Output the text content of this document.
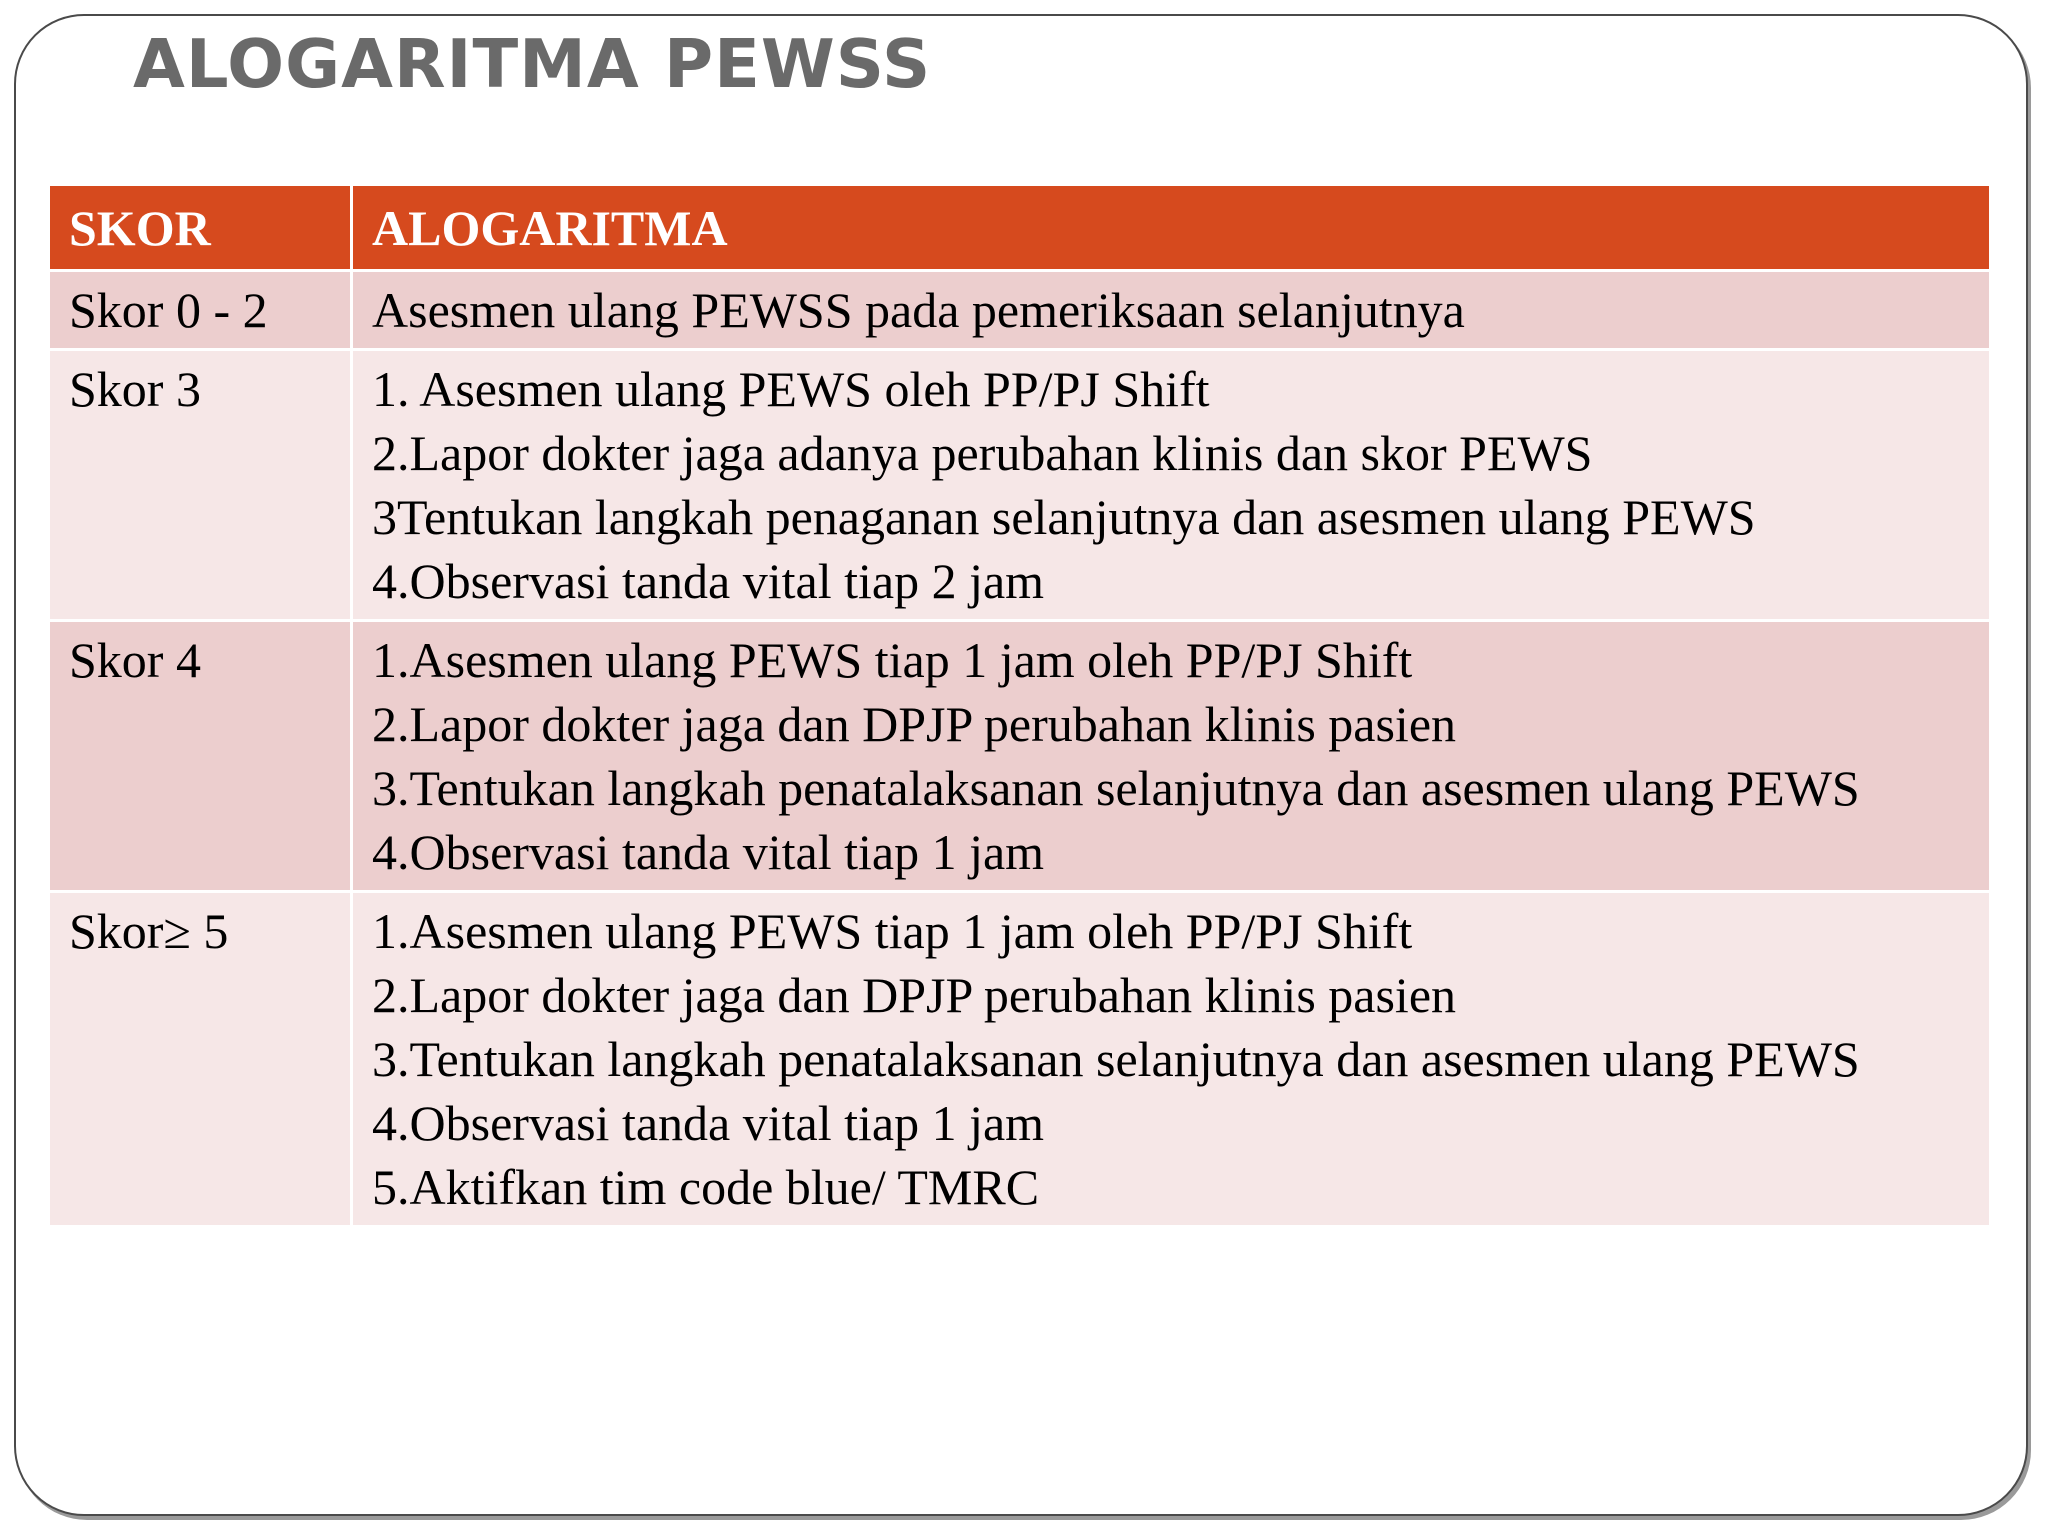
ALOGARITMA PEWSS
SKOR	ALOGARITMA
Skor 0 - 2	Asesmen ulang PEWSS pada pemeriksaan selanjutnya

Skor 3	1. Asesmen ulang PEWS oleh PP/PJ Shift
2.Lapor dokter jaga adanya perubahan klinis dan skor PEWS
3Tentukan langkah penaganan selanjutnya dan asesmen ulang PEWS
4.Observasi tanda vital tiap 2 jam

Skor 4	1.Asesmen ulang PEWS tiap 1 jam oleh PP/PJ Shift
2.Lapor dokter jaga dan DPJP perubahan klinis pasien
3.Tentukan langkah penatalaksanan selanjutnya dan asesmen ulang PEWS
4.Observasi tanda vital tiap 1 jam

Skor≥ 5	1.Asesmen ulang PEWS tiap 1 jam oleh PP/PJ Shift
2.Lapor dokter jaga dan DPJP perubahan klinis pasien
3.Tentukan langkah penatalaksanan selanjutnya dan asesmen ulang PEWS
4.Observasi tanda vital tiap 1 jam
5.Aktifkan tim code blue/ TMRC
